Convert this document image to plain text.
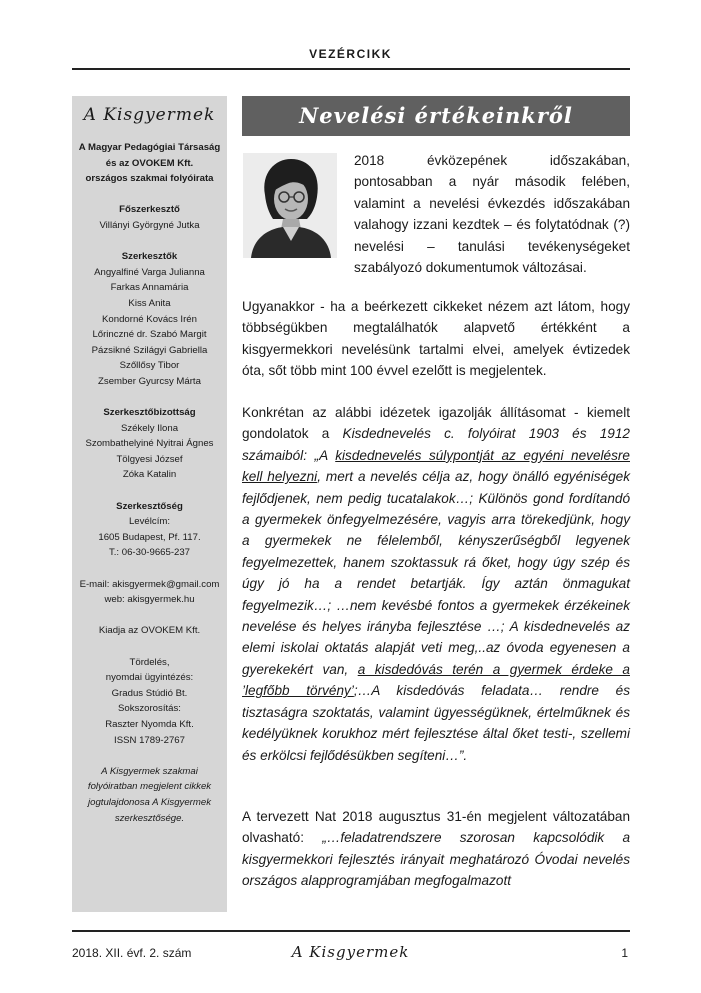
VEZÉRCIKK
A Kisgyermek
A Magyar Pedagógiai Társaság
és az OVOKEM Kft.
országos szakmai folyóirata
Főszerkesztő
Villányi Györgyné Jutka
Szerkesztők
Angyalfiné Varga Julianna
Farkas Annamária
Kiss Anita
Kondorné Kovács Irén
Lőrinczné dr. Szabó Margit
Pázsikné Szilágyi Gabriella
Szőllősy Tibor
Zsember Gyurcsy Márta
Szerkesztőbizottság
Székely Ilona
Szombathelyiné Nyitrai Ágnes
Tölgyesi József
Zóka Katalin
Szerkesztőség
Levélcím:
1605 Budapest, Pf. 117.
T.: 06-30-9665-237
E-mail: akisgyermek@gmail.com
web: akisgyermek.hu
Kiadja az OVOKEM Kft.
Tördelés,
nyomdai ügyintézés:
Gradus Stúdió Bt.
Sokszorosítás:
Raszter Nyomda Kft.
ISSN 1789-2767
A Kisgyermek szakmai
folyóiratban megjelent cikkek
jogtulajdonosa A Kisgyermek
szerkesztősége.
Nevelési értékeinkről
2018 évközepének időszakában, pontosabban a nyár második felében, valamint a nevelési évkezdés időszakában valahogy izzani kezdtek – és folytatódnak (?) nevelési – tanulási tevékenységeket szabályozó dokumentumok változásai.
Ugyanakkor - ha a beérkezett cikkeket nézem azt látom, hogy többségükben megtalálhatók alapvető értékként a kisgyermekkori nevelésünk tartalmi elvei, amelyek évtizedek óta, sőt több mint 100 évvel ezelőtt is megjelentek.
Konkrétan az alábbi idézetek igazolják állításomat - kiemelt gondolatok a Kisdednevelés c. folyóirat 1903 és 1912 számaiból: „A kisdednevelés súlypontját az egyéni nevelésre kell helyezni, mert a nevelés célja az, hogy önálló egyéniségek fejlődjenek, nem pedig tucatalakok…; Különös gond fordítandó a gyermekek önfegyelmezésére, vagyis arra törekedjünk, hogy a gyermekek ne félelemből, kényszerűségből legyenek fegyelmezettek, hanem szoktassuk rá őket, hogy úgy szép és úgy jó ha a rendet betartják. Így aztán önmagukat fegyelmezik…; …nem kevésbé fontos a gyermekek érzékeinek nevelése és helyes irányba fejlesztése …; A kisdednevelés az elemi iskolai oktatás alapját veti meg,..az óvoda egyenesen a gyerekekért van, a kisdedóvás terén a gyermek érdeke a ’legfőbb törvény’;…A kisdedóvás feladata… rendre és tisztaságra szoktatás, valamint ügyességüknek, értelműknek és kedélyüknek korukhoz mért fejlesztése által őket testi-, szellemi és erkölcsi fejlődésükben segíteni…”.
A tervezett Nat 2018 augusztus 31-én megjelent változatában olvasható: „…feladatrendszere szorosan kapcsolódik a kisgyermekkori fejlesztés irányait meghatározó Óvodai nevelés országos alapprogramjában megfogalmazott
2018. XII. évf. 2. szám	A Kisgyermek	1
